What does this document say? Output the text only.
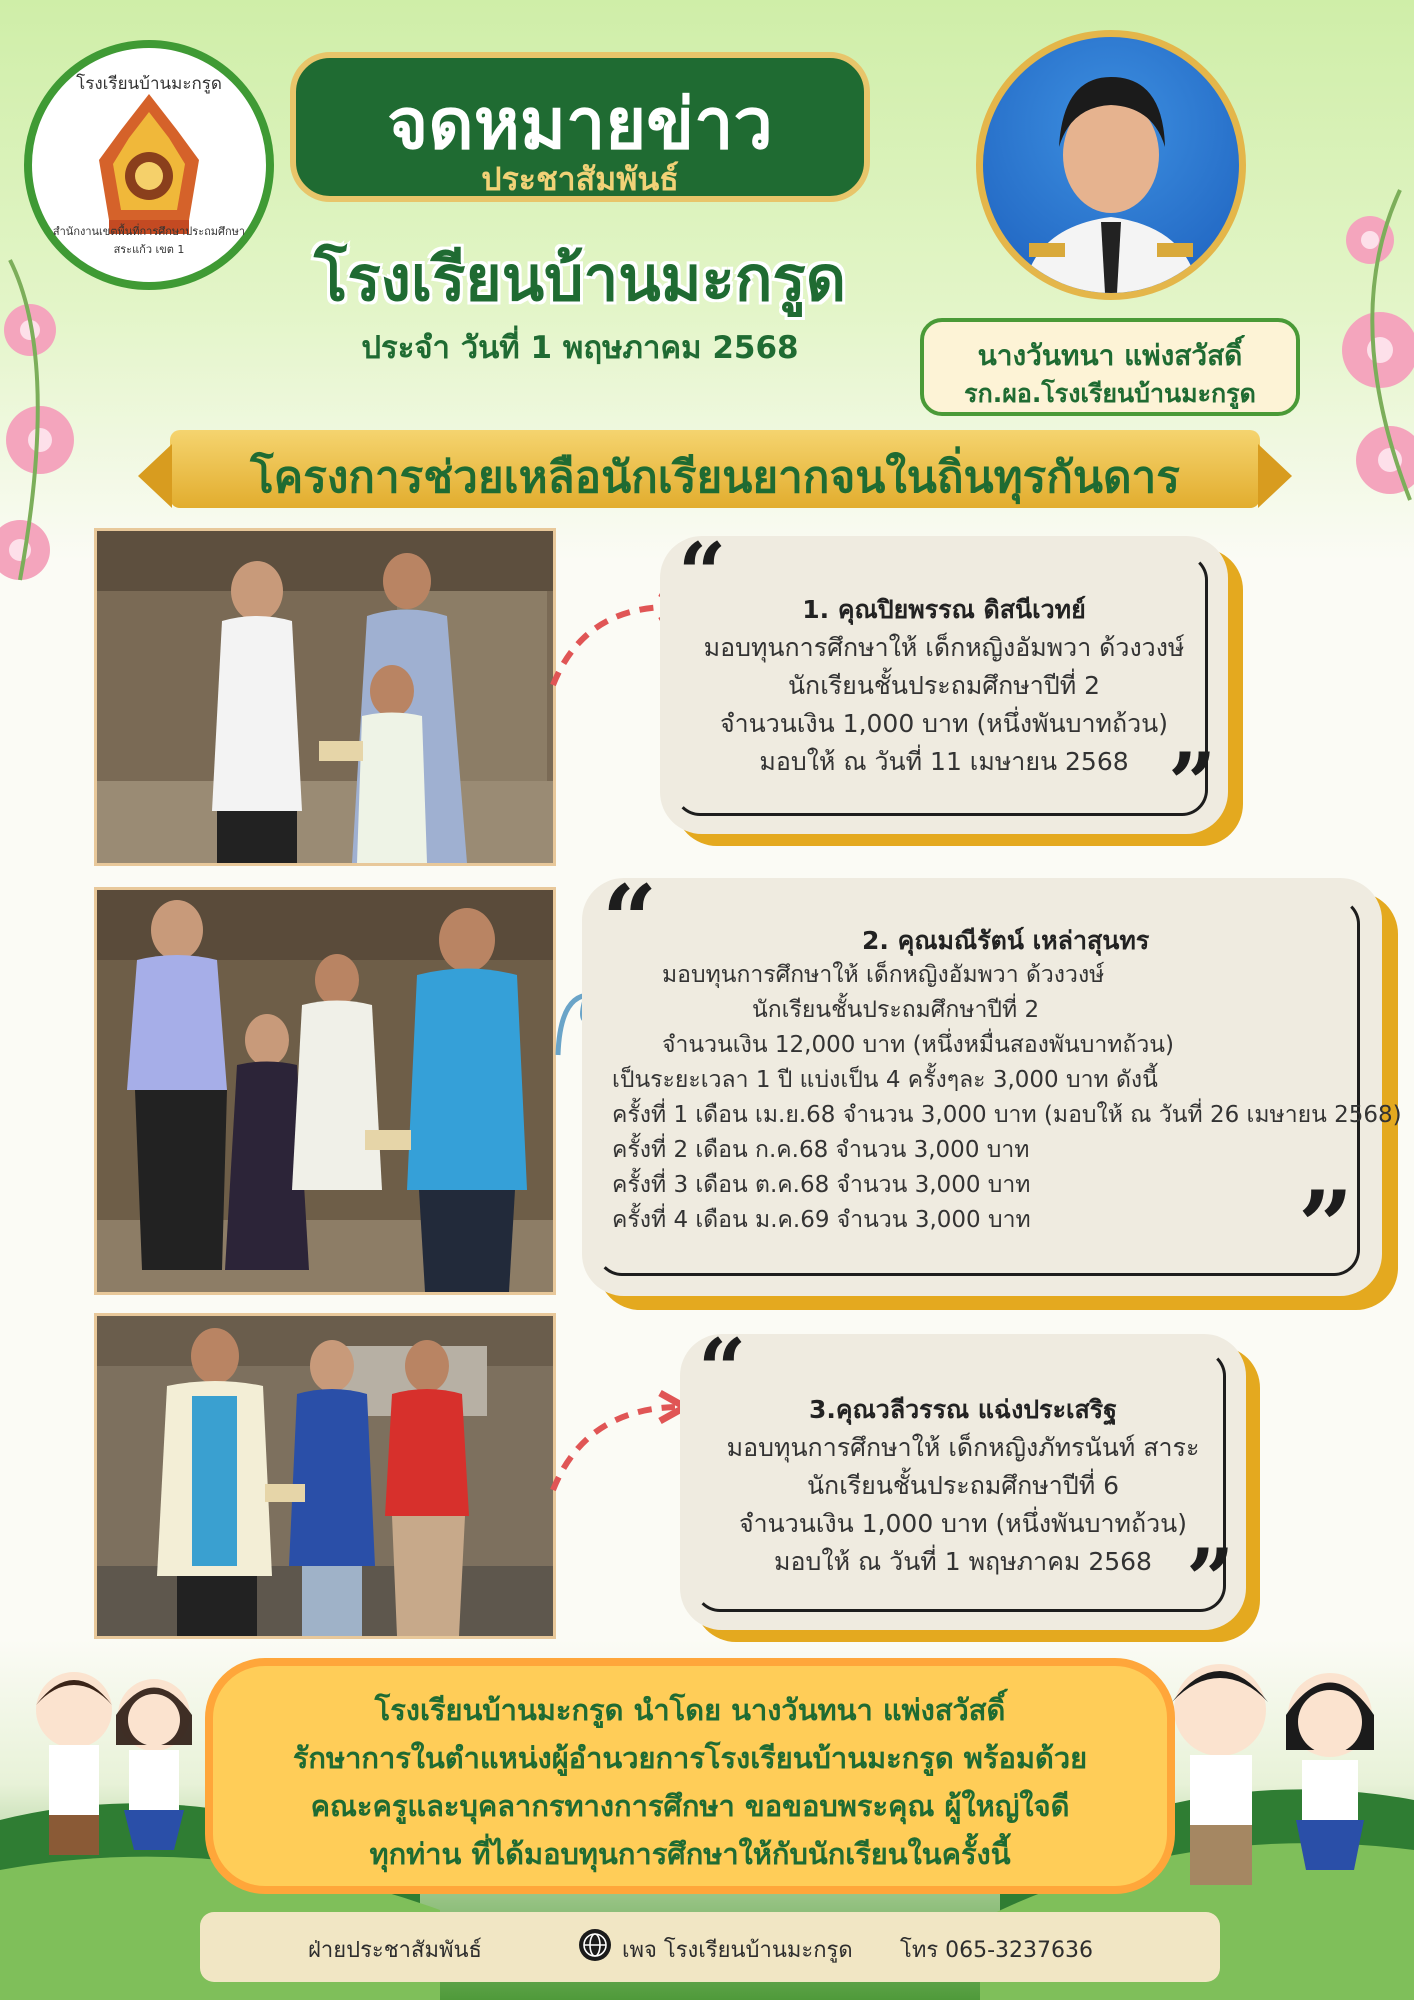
โรงเรียนบ้านมะกรูด
สำนักงานเขตพื้นที่การศึกษาประถมศึกษาสระแก้ว เขต 1
จดหมายข่าว
ประชาสัมพันธ์
โรงเรียนบ้านมะกรูด
ประจำ วันที่ 1 พฤษภาคม 2568	นางวันทนา แพ่งสวัสดิ์
รก.ผอ.โรงเรียนบ้านมะกรูด
โครงการช่วยเหลือนักเรียนยากจนในถิ่นทุรกันดาร
“
”
1. คุณปิยพรรณ ดิสนีเวทย์
มอบทุนการศึกษาให้ เด็กหญิงอัมพวา ด้วงวงษ์
นักเรียนชั้นประถมศึกษาปีที่ 2
จำนวนเงิน 1,000 บาท (หนึ่งพันบาทถ้วน)
มอบให้ ณ วันที่ 11 เมษายน 2568
“
”
2. คุณมณีรัตน์ เหล่าสุนทร
มอบทุนการศึกษาให้ เด็กหญิงอัมพวา ด้วงวงษ์
นักเรียนชั้นประถมศึกษาปีที่ 2
จำนวนเงิน 12,000 บาท (หนึ่งหมื่นสองพันบาทถ้วน)
เป็นระยะเวลา 1 ปี แบ่งเป็น 4 ครั้งๆละ 3,000 บาท ดังนี้
ครั้งที่ 1 เดือน เม.ย.68 จำนวน 3,000 บาท (มอบให้ ณ วันที่ 26 เมษายน 2568)
ครั้งที่ 2 เดือน ก.ค.68 จำนวน 3,000 บาท
ครั้งที่ 3 เดือน ต.ค.68 จำนวน 3,000 บาท
ครั้งที่ 4 เดือน ม.ค.69 จำนวน 3,000 บาท
“
”
3.คุณวลีวรรณ แฉ่งประเสริฐ
มอบทุนการศึกษาให้ เด็กหญิงภัทรนันท์ สาระ
นักเรียนชั้นประถมศึกษาปีที่ 6
จำนวนเงิน 1,000 บาท (หนึ่งพันบาทถ้วน)
มอบให้ ณ วันที่ 1 พฤษภาคม 2568
โรงเรียนบ้านมะกรูด นำโดย นางวันทนา แพ่งสวัสดิ์
รักษาการในตำแหน่งผู้อำนวยการโรงเรียนบ้านมะกรูด พร้อมด้วย
คณะครูและบุคลากรทางการศึกษา ขอขอบพระคุณ ผู้ใหญ่ใจดี
ทุกท่าน ที่ได้มอบทุนการศึกษาให้กับนักเรียนในครั้งนี้
ฝ่ายประชาสัมพันธ์	เพจ โรงเรียนบ้านมะกรูด โทร 065-3237636
